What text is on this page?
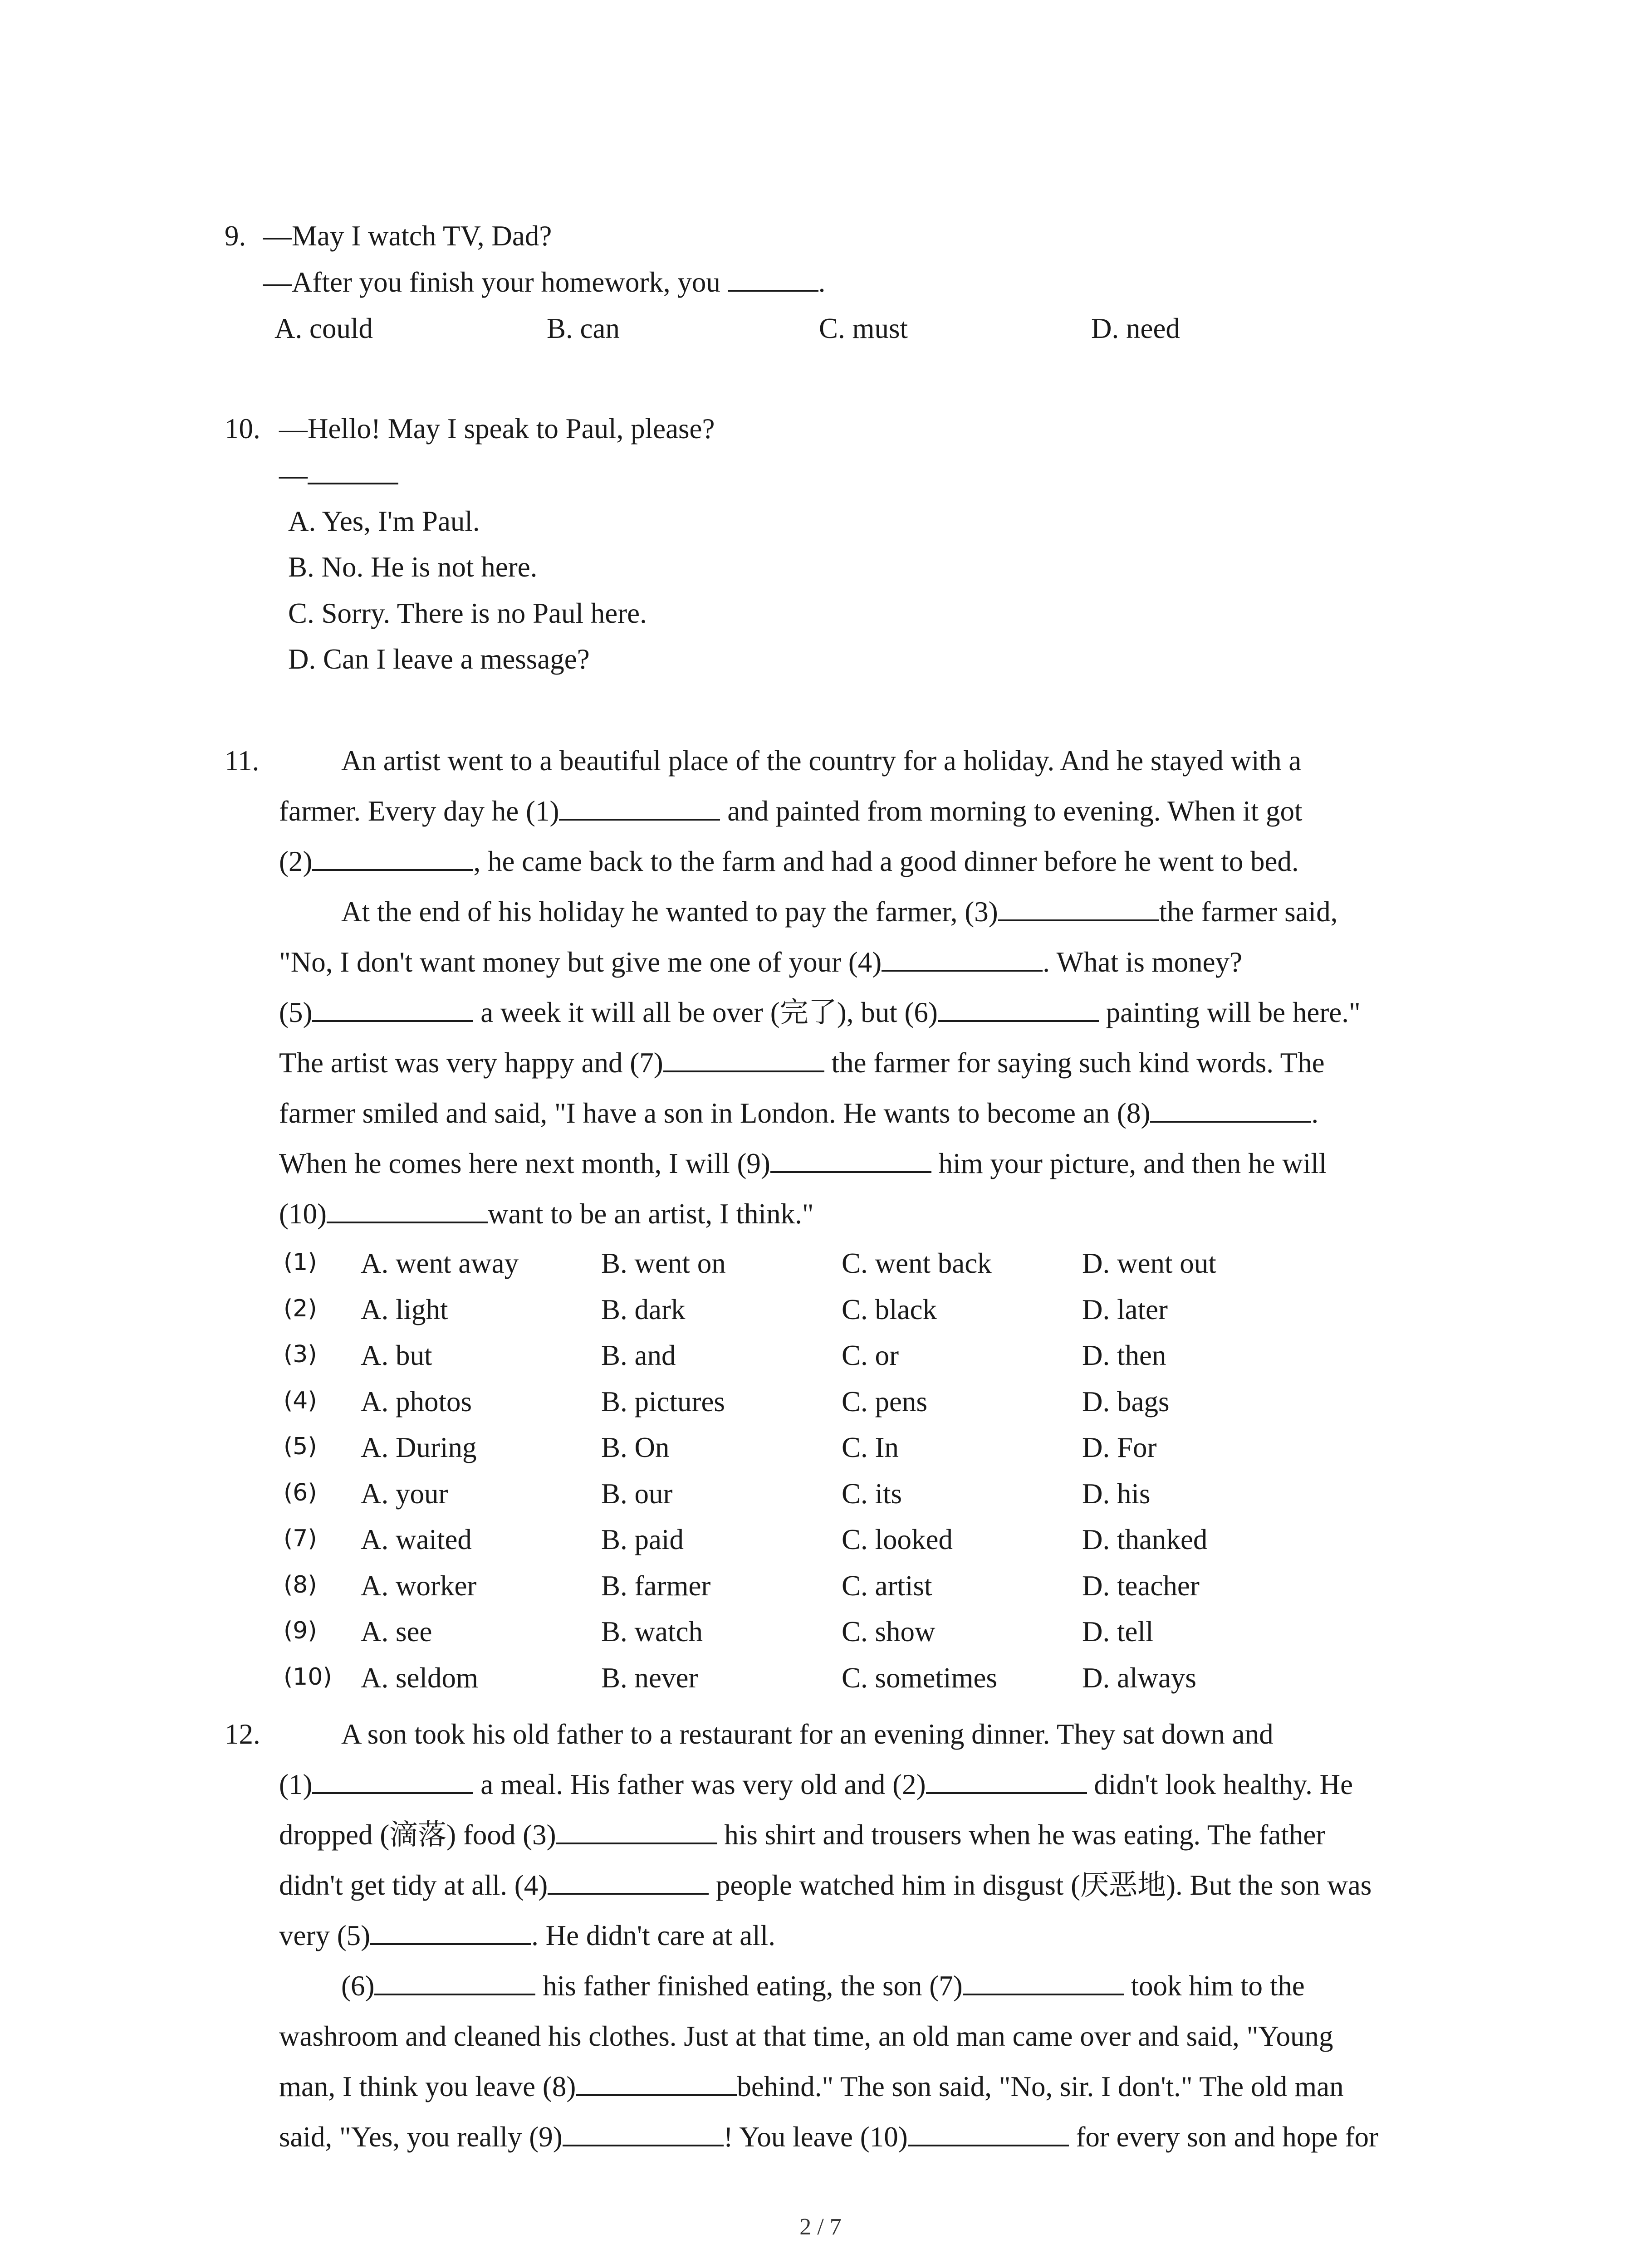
9. —May I watch TV, Dad?
—After you finish your homework, you	.
A. could	B. can	C. must	D. need
10. —Hello! May I speak to Paul, please?
—
A. Yes, I'm Paul.
B. No. He is not here.
C. Sorry. There is no Paul here.
D. Can I leave a message?
11.	An artist went to a beautiful place of the country for a holiday. And he stayed with a
farmer. Every day he (1)	and painted from morning to evening. When it got
(2)	, he came back to the farm and had a good dinner before he went to bed.
At the end of his holiday he wanted to pay the farmer, (3)	the farmer said,
"No, I don't want money but give me one of your (4)	. What is money?
(5)	a week it will all be over (完了), but (6)	painting will be here."
The artist was very happy and (7)	the farmer for saying such kind words. The
farmer smiled and said, "I have a son in London. He wants to become an (8)	.
When he comes here next month, I will (9)	him your picture, and then he will
(10)	want to be an artist, I think."
(1) A. went away	B. went on	C. went back	D. went out
(2) A. light	B. dark	C. black	D. later
(3) A. but	B. and	C. or	D. then
(4) A. photos	B. pictures	C. pens	D. bags
(5) A. During	B. On	C. In	D. For
(6) A. your	B. our	C. its	D. his
(7) A. waited	B. paid	C. looked	D. thanked
(8) A. worker	B. farmer	C. artist	D. teacher
(9) A. see	B. watch	C. show	D. tell
(10) A. seldom	B. never	C. sometimes	D. always
12.	A son took his old father to a restaurant for an evening dinner. They sat down and
(1)	a meal. His father was very old and (2)	didn't look healthy. He
dropped (滴落) food (3)	his shirt and trousers when he was eating. The father
didn't get tidy at all. (4)	people watched him in disgust (厌恶地). But the son was
very (5)	. He didn't care at all.
(6)	his father finished eating, the son (7)	took him to the
washroom and cleaned his clothes. Just at that time, an old man came over and said, "Young
man, I think you leave (8)	behind." The son said, "No, sir. I don't." The old man
said, "Yes, you really (9)	! You leave (10)	for every son and hope for
2 / 7
